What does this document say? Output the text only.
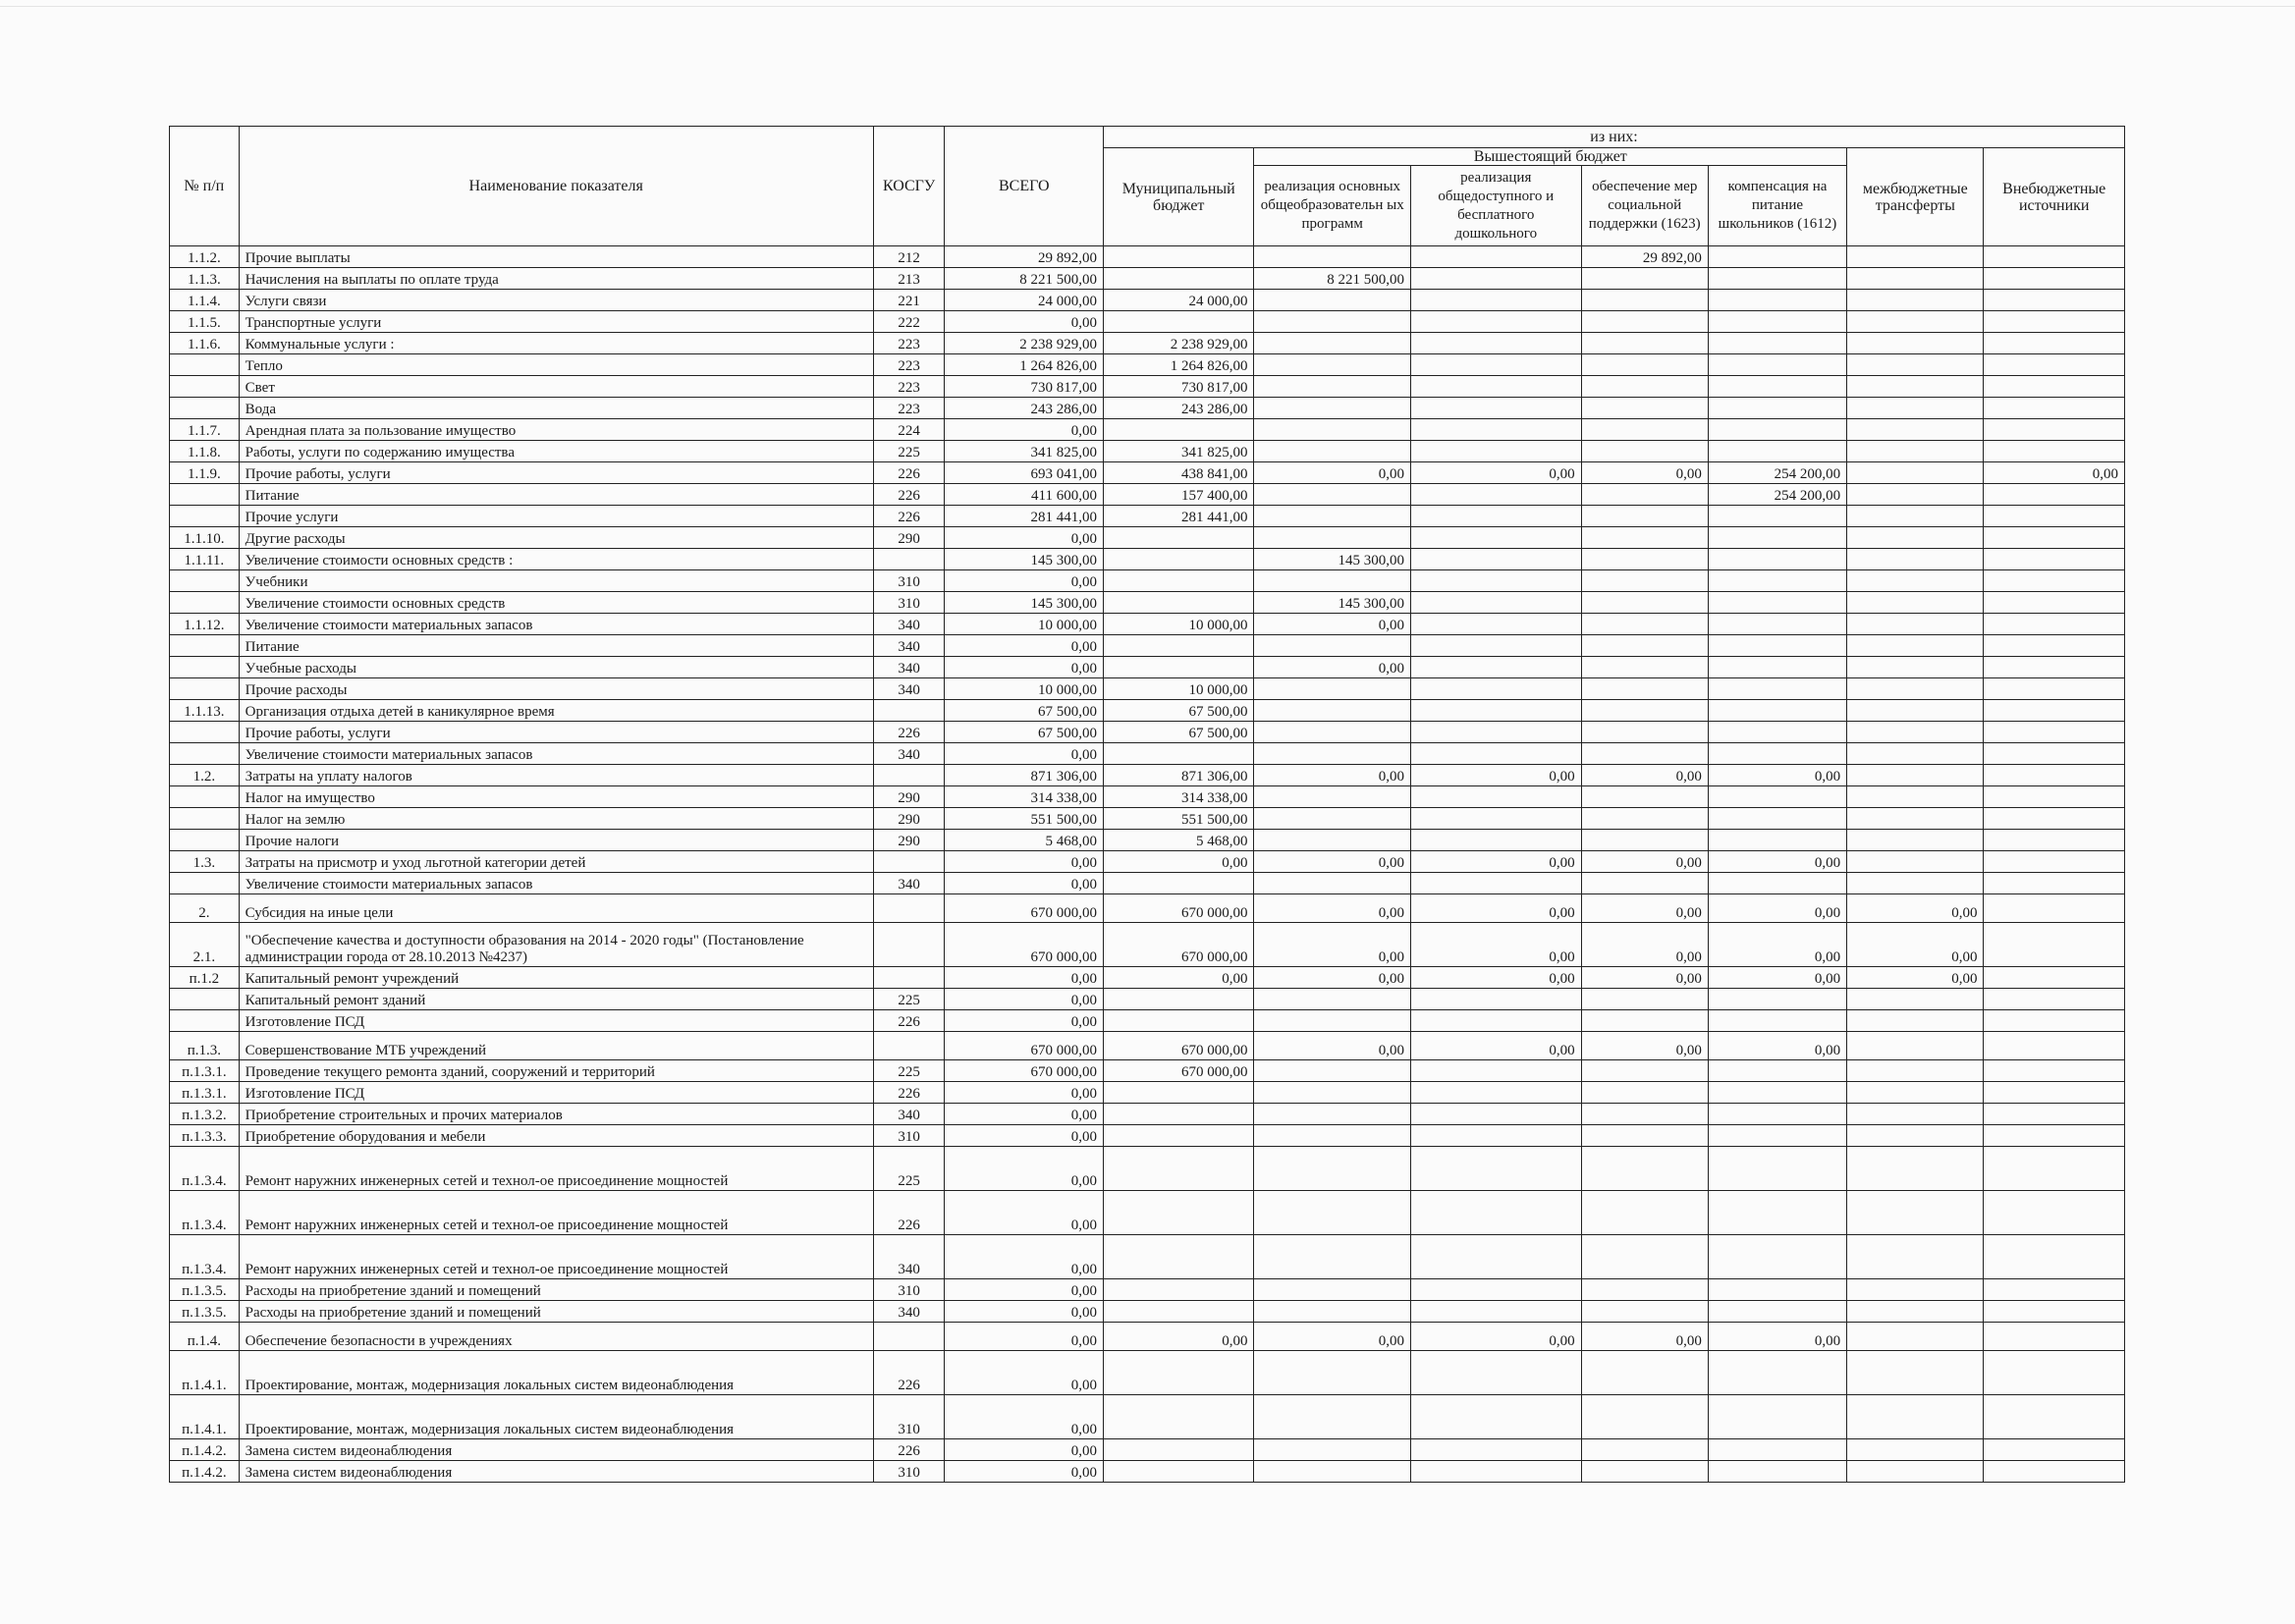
№ п/п	Наименование показателя	КОСГУ	ВСЕГО	из них:						
				Муниципальный бюджет	Вышестоящий бюджет				межбюджетные трансферты	Внебюджетные источники
					реализация основных общеобразовательн ых программ	реализация общедоступного и бесплатного дошкольного	обеспечение мер социальной поддержки (1623)	компенсация на питание школьников (1612)		
1.1.2.	Прочие выплаты	212	29 892,00				29 892,00			
1.1.3.	Начисления на выплаты по оплате труда	213	8 221 500,00		8 221 500,00					
1.1.4.	Услуги связи	221	24 000,00	24 000,00						
1.1.5.	Транспортные услуги	222	0,00							
1.1.6.	Коммунальные услуги :	223	2 238 929,00	2 238 929,00						
	Тепло	223	1 264 826,00	1 264 826,00						
	Свет	223	730 817,00	730 817,00						
	Вода	223	243 286,00	243 286,00						
1.1.7.	Арендная плата за пользование имущество	224	0,00							
1.1.8.	Работы, услуги по содержанию имущества	225	341 825,00	341 825,00						
1.1.9.	Прочие работы, услуги	226	693 041,00	438 841,00	0,00	0,00	0,00	254 200,00		0,00
	Питание	226	411 600,00	157 400,00				254 200,00		
	Прочие услуги	226	281 441,00	281 441,00						
1.1.10.	Другие расходы	290	0,00							
1.1.11.	Увеличение стоимости основных средств :		145 300,00		145 300,00					
	Учебники	310	0,00							
	Увеличение стоимости основных средств	310	145 300,00		145 300,00					
1.1.12.	Увеличение стоимости материальных запасов	340	10 000,00	10 000,00	0,00					
	Питание	340	0,00							
	Учебные расходы	340	0,00		0,00					
	Прочие расходы	340	10 000,00	10 000,00						
1.1.13.	Организация отдыха детей в каникулярное время		67 500,00	67 500,00						
	Прочие работы, услуги	226	67 500,00	67 500,00						
	Увеличение стоимости материальных запасов	340	0,00							
1.2.	Затраты на уплату налогов		871 306,00	871 306,00	0,00	0,00	0,00	0,00		
	Налог на имущество	290	314 338,00	314 338,00						
	Налог на землю	290	551 500,00	551 500,00						
	Прочие налоги	290	5 468,00	5 468,00						
1.3.	Затраты на присмотр и уход льготной категории детей		0,00	0,00	0,00	0,00	0,00	0,00		
	Увеличение стоимости материальных запасов	340	0,00							
2.	Субсидия на иные цели		670 000,00	670 000,00	0,00	0,00	0,00	0,00	0,00	
2.1.	"Обеспечение качества и доступности образования на 2014 - 2020 годы" (Постановление администрации города от 28.10.2013 №4237)		670 000,00	670 000,00	0,00	0,00	0,00	0,00	0,00	
п.1.2	Капитальный ремонт учреждений		0,00	0,00	0,00	0,00	0,00	0,00	0,00	
	Капитальный ремонт зданий	225	0,00							
	Изготовление ПСД	226	0,00							
п.1.3.	Совершенствование МТБ учреждений		670 000,00	670 000,00	0,00	0,00	0,00	0,00		
п.1.3.1.	Проведение текущего ремонта зданий, сооружений и территорий	225	670 000,00	670 000,00						
п.1.3.1.	Изготовление ПСД	226	0,00							
п.1.3.2.	Приобретение строительных и прочих материалов	340	0,00							
п.1.3.3.	Приобретение оборудования и мебели	310	0,00							
п.1.3.4.	Ремонт наружних инженерных сетей и технол-ое присоединение мощностей	225	0,00							
п.1.3.4.	Ремонт наружних инженерных сетей и технол-ое присоединение мощностей	226	0,00							
п.1.3.4.	Ремонт наружних инженерных сетей и технол-ое присоединение мощностей	340	0,00							
п.1.3.5.	Расходы на приобретение зданий и помещений	310	0,00							
п.1.3.5.	Расходы на приобретение зданий и помещений	340	0,00							
п.1.4.	Обеспечение безопасности в учреждениях		0,00	0,00	0,00	0,00	0,00	0,00		
п.1.4.1.	Проектирование, монтаж, модернизация локальных систем видеонаблюдения	226	0,00							
п.1.4.1.	Проектирование, монтаж, модернизация локальных систем видеонаблюдения	310	0,00							
п.1.4.2.	Замена систем видеонаблюдения	226	0,00							
п.1.4.2.	Замена систем видеонаблюдения	310	0,00							
